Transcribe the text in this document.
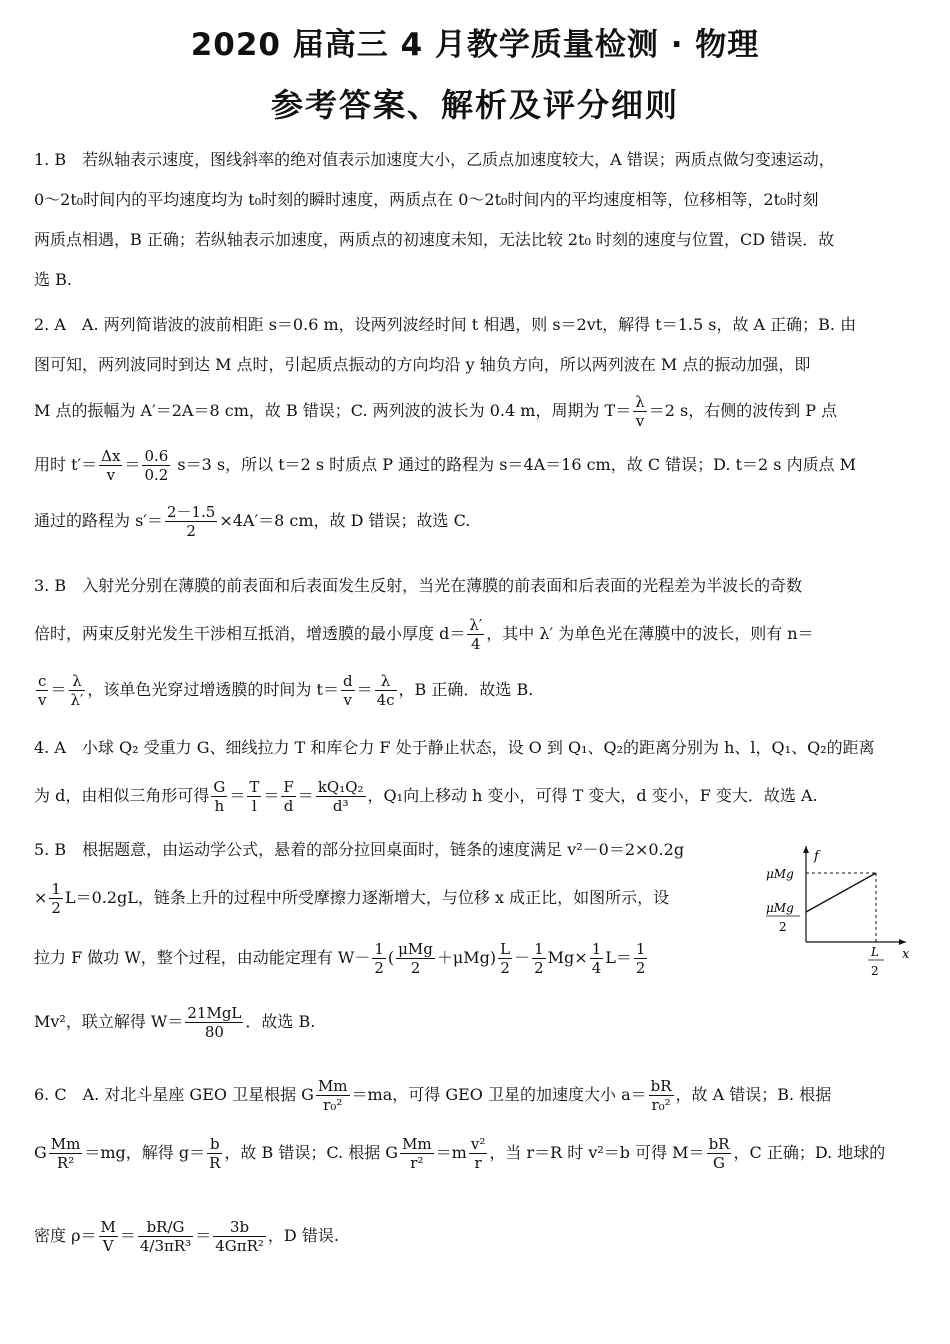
2020 届高三 4 月教学质量检测 · 物理
参考答案、解析及评分细则
1. B　若纵轴表示速度，图线斜率的绝对值表示加速度大小，乙质点加速度较大，A 错误；两质点做匀变速运动，
0～2t₀时间内的平均速度均为 t₀时刻的瞬时速度，两质点在 0～2t₀时间内的平均速度相等，位移相等，2t₀时刻
两质点相遇，B 正确；若纵轴表示加速度，两质点的初速度未知，无法比较 2t₀ 时刻的速度与位置，CD 错误．故
选 B.
2. A　A. 两列简谐波的波前相距 s＝0.6 m，设两列波经时间 t 相遇，则 s＝2vt，解得 t＝1.5 s，故 A 正确；B. 由
图可知，两列波同时到达 M 点时，引起质点振动的方向均沿 y 轴负方向，所以两列波在 M 点的振动加强，即
M 点的振幅为 A′＝2A＝8 cm，故 B 错误；C. 两列波的波长为 0.4 m，周期为 $T= \frac{\lambda}{v} =2$ s，右侧的波传到 P 点
用时 $t'= \frac{\Delta x}{v} = \frac{0.6}{0.2} s=3$ s，所以 t＝2 s 时质点 P 通过的路程为 s＝4A＝16 cm，故 C 错误；D. t＝2 s 内质点 M
通过的路程为 $s'= \frac{2-1.5}{2} \times 4A'=8$ cm，故 D 错误；故选 C.
3. B　入射光分别在薄膜的前表面和后表面发生反射，当光在薄膜的前表面和后表面的光程差为半波长的奇数
倍时，两束反射光发生干涉相互抵消，增透膜的最小厚度 $d= \frac{\lambda'}{4}$ ，其中 λ′ 为单色光在薄膜中的波长，则有 n＝
$\frac{c}{v} = \frac{\lambda}{\lambda'}$ ，该单色光穿过增透膜的时间为 $t= \frac{d}{v} = \frac{\lambda}{4c}$ ，B 正确．故选 B.
4. A　小球 Q₂ 受重力 G、细线拉力 T 和库仑力 F 处于静止状态，设 O 到 Q₁、Q₂的距离分别为 h、l，Q₁、Q₂的距离
为 d，由相似三角形可得 $\frac{G}{h} = \frac{T}{l} = \frac{F}{d} = \frac{\text{kQ₁Q₂}}{\text{d³}}$ ，Q₁向上移动 h 变小，可得 T 变大，d 变小，F 变大．故选 A.
5. B　根据题意，由运动学公式，悬着的部分拉回桌面时，链条的速度满足 v²－0＝2×0.2g
× $\frac{1}{2} L=0.2gL$，链条上升的过程中所受摩擦力逐渐增大，与位移 x 成正比，如图所示，设
拉力 F 做功 W，整个过程，由动能定理有 $W- \frac{1}{2}$ ( μMg
2
$+\mu Mg) \frac{L}{2} - \frac{1}{2} Mg\times \frac{1}{4} L= \frac{1}{2}$
Mv²，联立解得 W＝ 21MgL
80
．故选 B.
f
x
μMg
μMg
2
L
2
6. C　A. 对北斗星座 GEO 卫星根据 G $\frac{Mm}{\text{r₀²}} =ma$，可得 GEO 卫星的加速度大小 $a= \frac{bR}{\text{r₀²}}$ ，故 A 错误；B. 根据
G $\frac{Mm}{\text{R²}} =mg$，解得 $g= \frac{b}{R}$ ，故 B 错误；C. 根据 G $\frac{Mm}{\text{r²}} =m \frac{\text{v²}}{r}$ ，当 r＝R 时 v²＝b 可得 $M= \frac{bR}{G}$ ，C 正确；D. 地球的
密度 $\rho= \frac{M}{V} = \frac{bR/G}{\text{4/3πR³}}$ ＝	3b
4GπR²
，D 错误.
